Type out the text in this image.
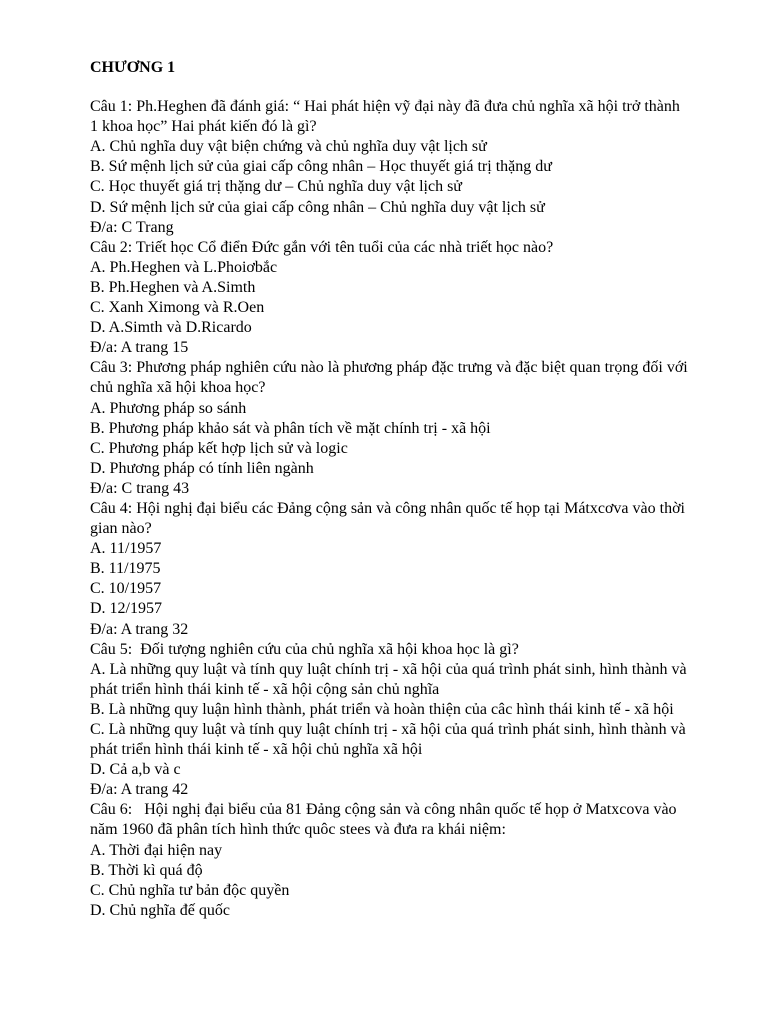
CHƯƠNG 1
Câu 1: Ph.Heghen đã đánh giá: “ Hai phát hiện vỹ đại này đã đưa chủ nghĩa xã hội trở thành 1 khoa học” Hai phát kiến đó là gì?
A. Chủ nghĩa duy vật biện chứng và chủ nghĩa duy vật lịch sử
B. Sứ mệnh lịch sử của giai cấp công nhân – Học thuyết giá trị thặng dư
C. Học thuyết giá trị thặng dư – Chủ nghĩa duy vật lịch sử
D. Sứ mệnh lịch sử của giai cấp công nhân – Chủ nghĩa duy vật lịch sử
Đ/a: C Trang
Câu 2: Triết học Cổ điển Đức gắn với tên tuổi của các nhà triết học nào?
A. Ph.Heghen và L.Phoiơbắc
B. Ph.Heghen và A.Simth
C. Xanh Ximong và R.Oen
D. A.Simth và D.Ricardo
Đ/a: A trang 15
Câu 3: Phương pháp nghiên cứu nào là phương pháp đặc trưng và đặc biệt quan trọng đối với chủ nghĩa xã hội khoa học?
A. Phương pháp so sánh
B. Phương pháp khảo sát và phân tích về mặt chính trị - xã hội
C. Phương pháp kết hợp lịch sử và logic
D. Phương pháp có tính liên ngành
Đ/a: C trang 43
Câu 4: Hội nghị đại biểu các Đảng cộng sản và công nhân quốc tế họp tại Mátxcơva vào thời gian nào?
A. 11/1957
B. 11/1975
C. 10/1957
D. 12/1957
Đ/a: A trang 32
Câu 5:  Đối tượng nghiên cứu của chủ nghĩa xã hội khoa học là gì?
A. Là những quy luật và tính quy luật chính trị - xã hội của quá trình phát sinh, hình thành và phát triển hình thái kinh tế - xã hội cộng sản chủ nghĩa
B. Là những quy luận hình thành, phát triển và hoàn thiện của câc hình thái kinh tế - xã hội
C. Là những quy luật và tính quy luật chính trị - xã hội của quá trình phát sinh, hình thành và phát triển hình thái kinh tế - xã hội chủ nghĩa xã hội
D. Cả a,b và c
Đ/a: A trang 42
Câu 6:   Hội nghị đại biểu của 81 Đảng cộng sản và công nhân quốc tế họp ở Matxcova vào năm 1960 đã phân tích hình thức quôc stees và đưa ra khái niệm:
A. Thời đại hiện nay
B. Thời kì quá độ
C. Chủ nghĩa tư bản độc quyền
D. Chủ nghĩa đế quốc
